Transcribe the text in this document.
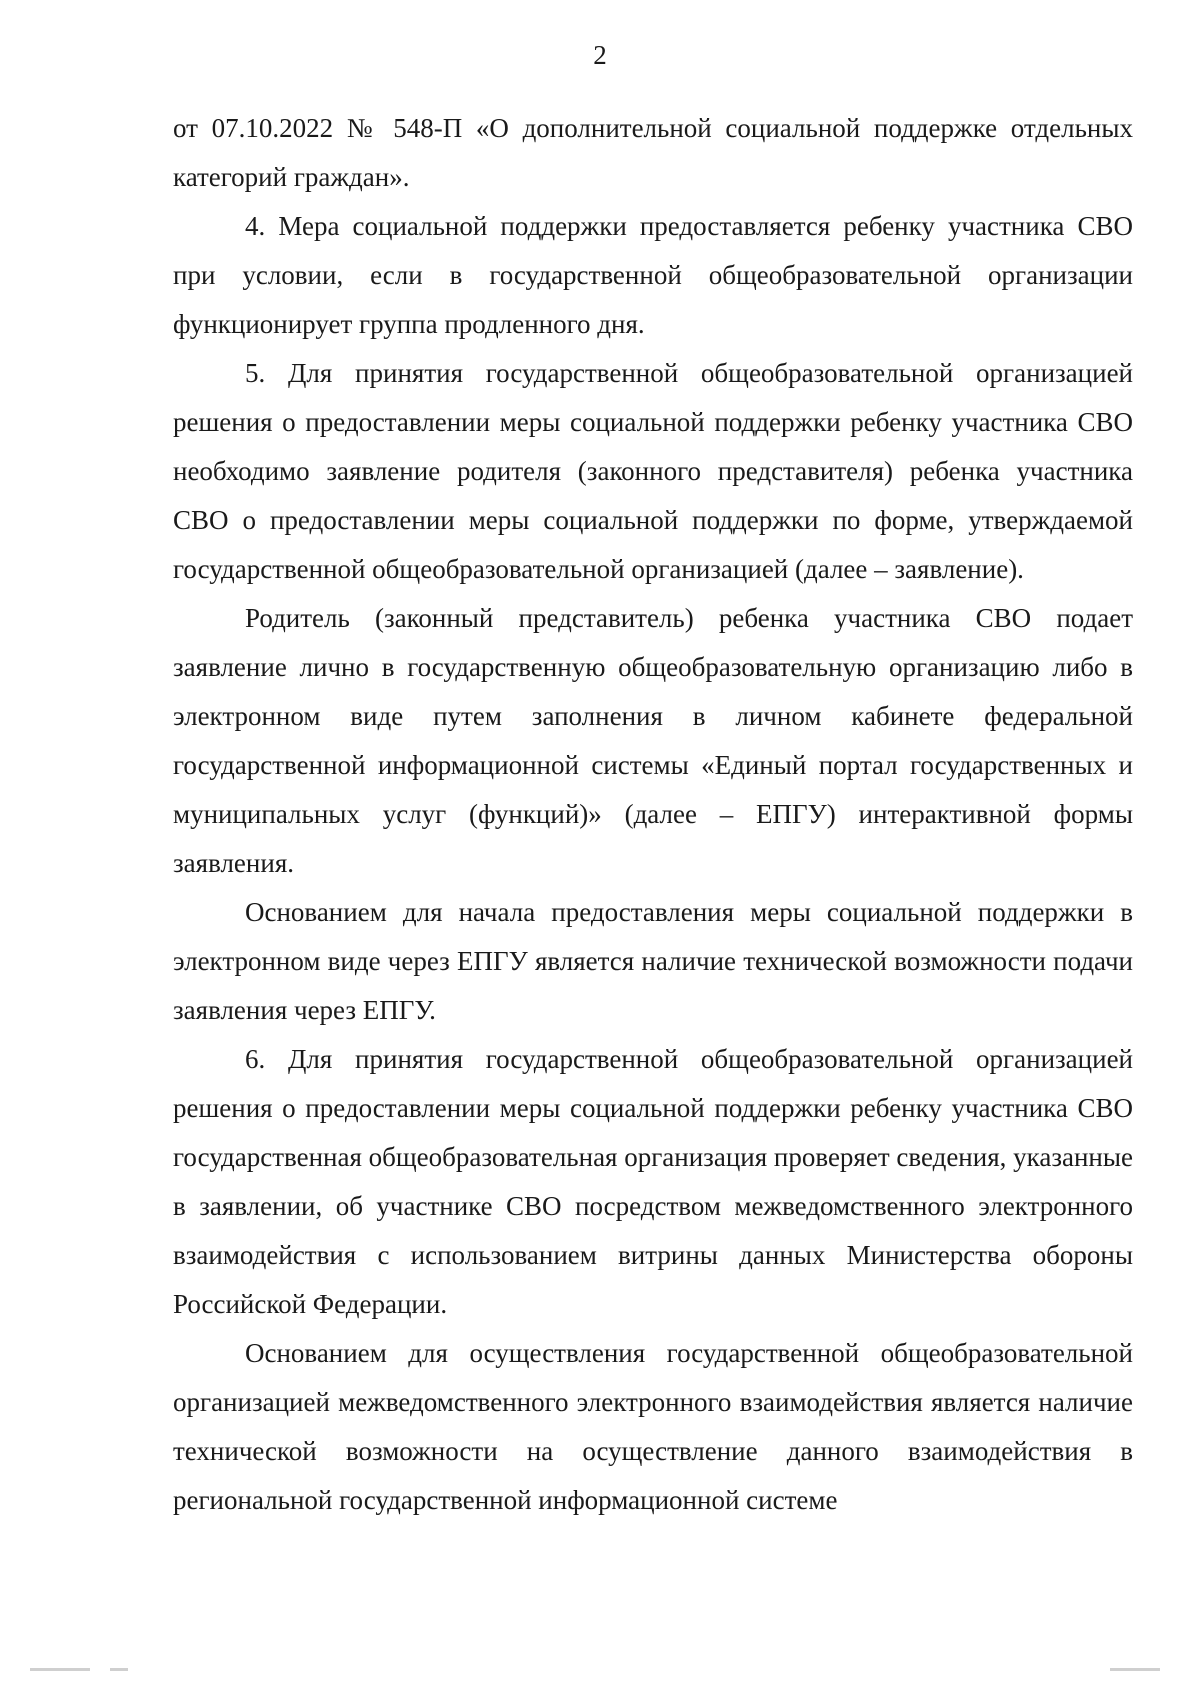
2

от 07.10.2022 № 548-П «О дополнительной социальной поддержке отдельных категорий граждан».

4. Мера социальной поддержки предоставляется ребенку участника СВО при условии, если в государственной общеобразовательной организации функционирует группа продленного дня.

5. Для принятия государственной общеобразовательной организацией решения о предоставлении меры социальной поддержки ребенку участника СВО необходимо заявление родителя (законного представителя) ребенка участника СВО о предоставлении меры социальной поддержки по форме, утверждаемой государственной общеобразовательной организацией (далее – заявление).

Родитель (законный представитель) ребенка участника СВО подает заявление лично в государственную общеобразовательную организацию либо в электронном виде путем заполнения в личном кабинете федеральной государственной информационной системы «Единый портал государственных и муниципальных услуг (функций)» (далее – ЕПГУ) интерактивной формы заявления.

Основанием для начала предоставления меры социальной поддержки в электронном виде через ЕПГУ является наличие технической возможности подачи заявления через ЕПГУ.

6. Для принятия государственной общеобразовательной организацией решения о предоставлении меры социальной поддержки ребенку участника СВО государственная общеобразовательная организация проверяет сведения, указанные в заявлении, об участнике СВО посредством межведомственного электронного взаимодействия с использованием витрины данных Министерства обороны Российской Федерации.

Основанием для осуществления государственной общеобразовательной организацией межведомственного электронного взаимодействия является наличие технической возможности на осуществление данного взаимодействия в региональной государственной информационной системе
